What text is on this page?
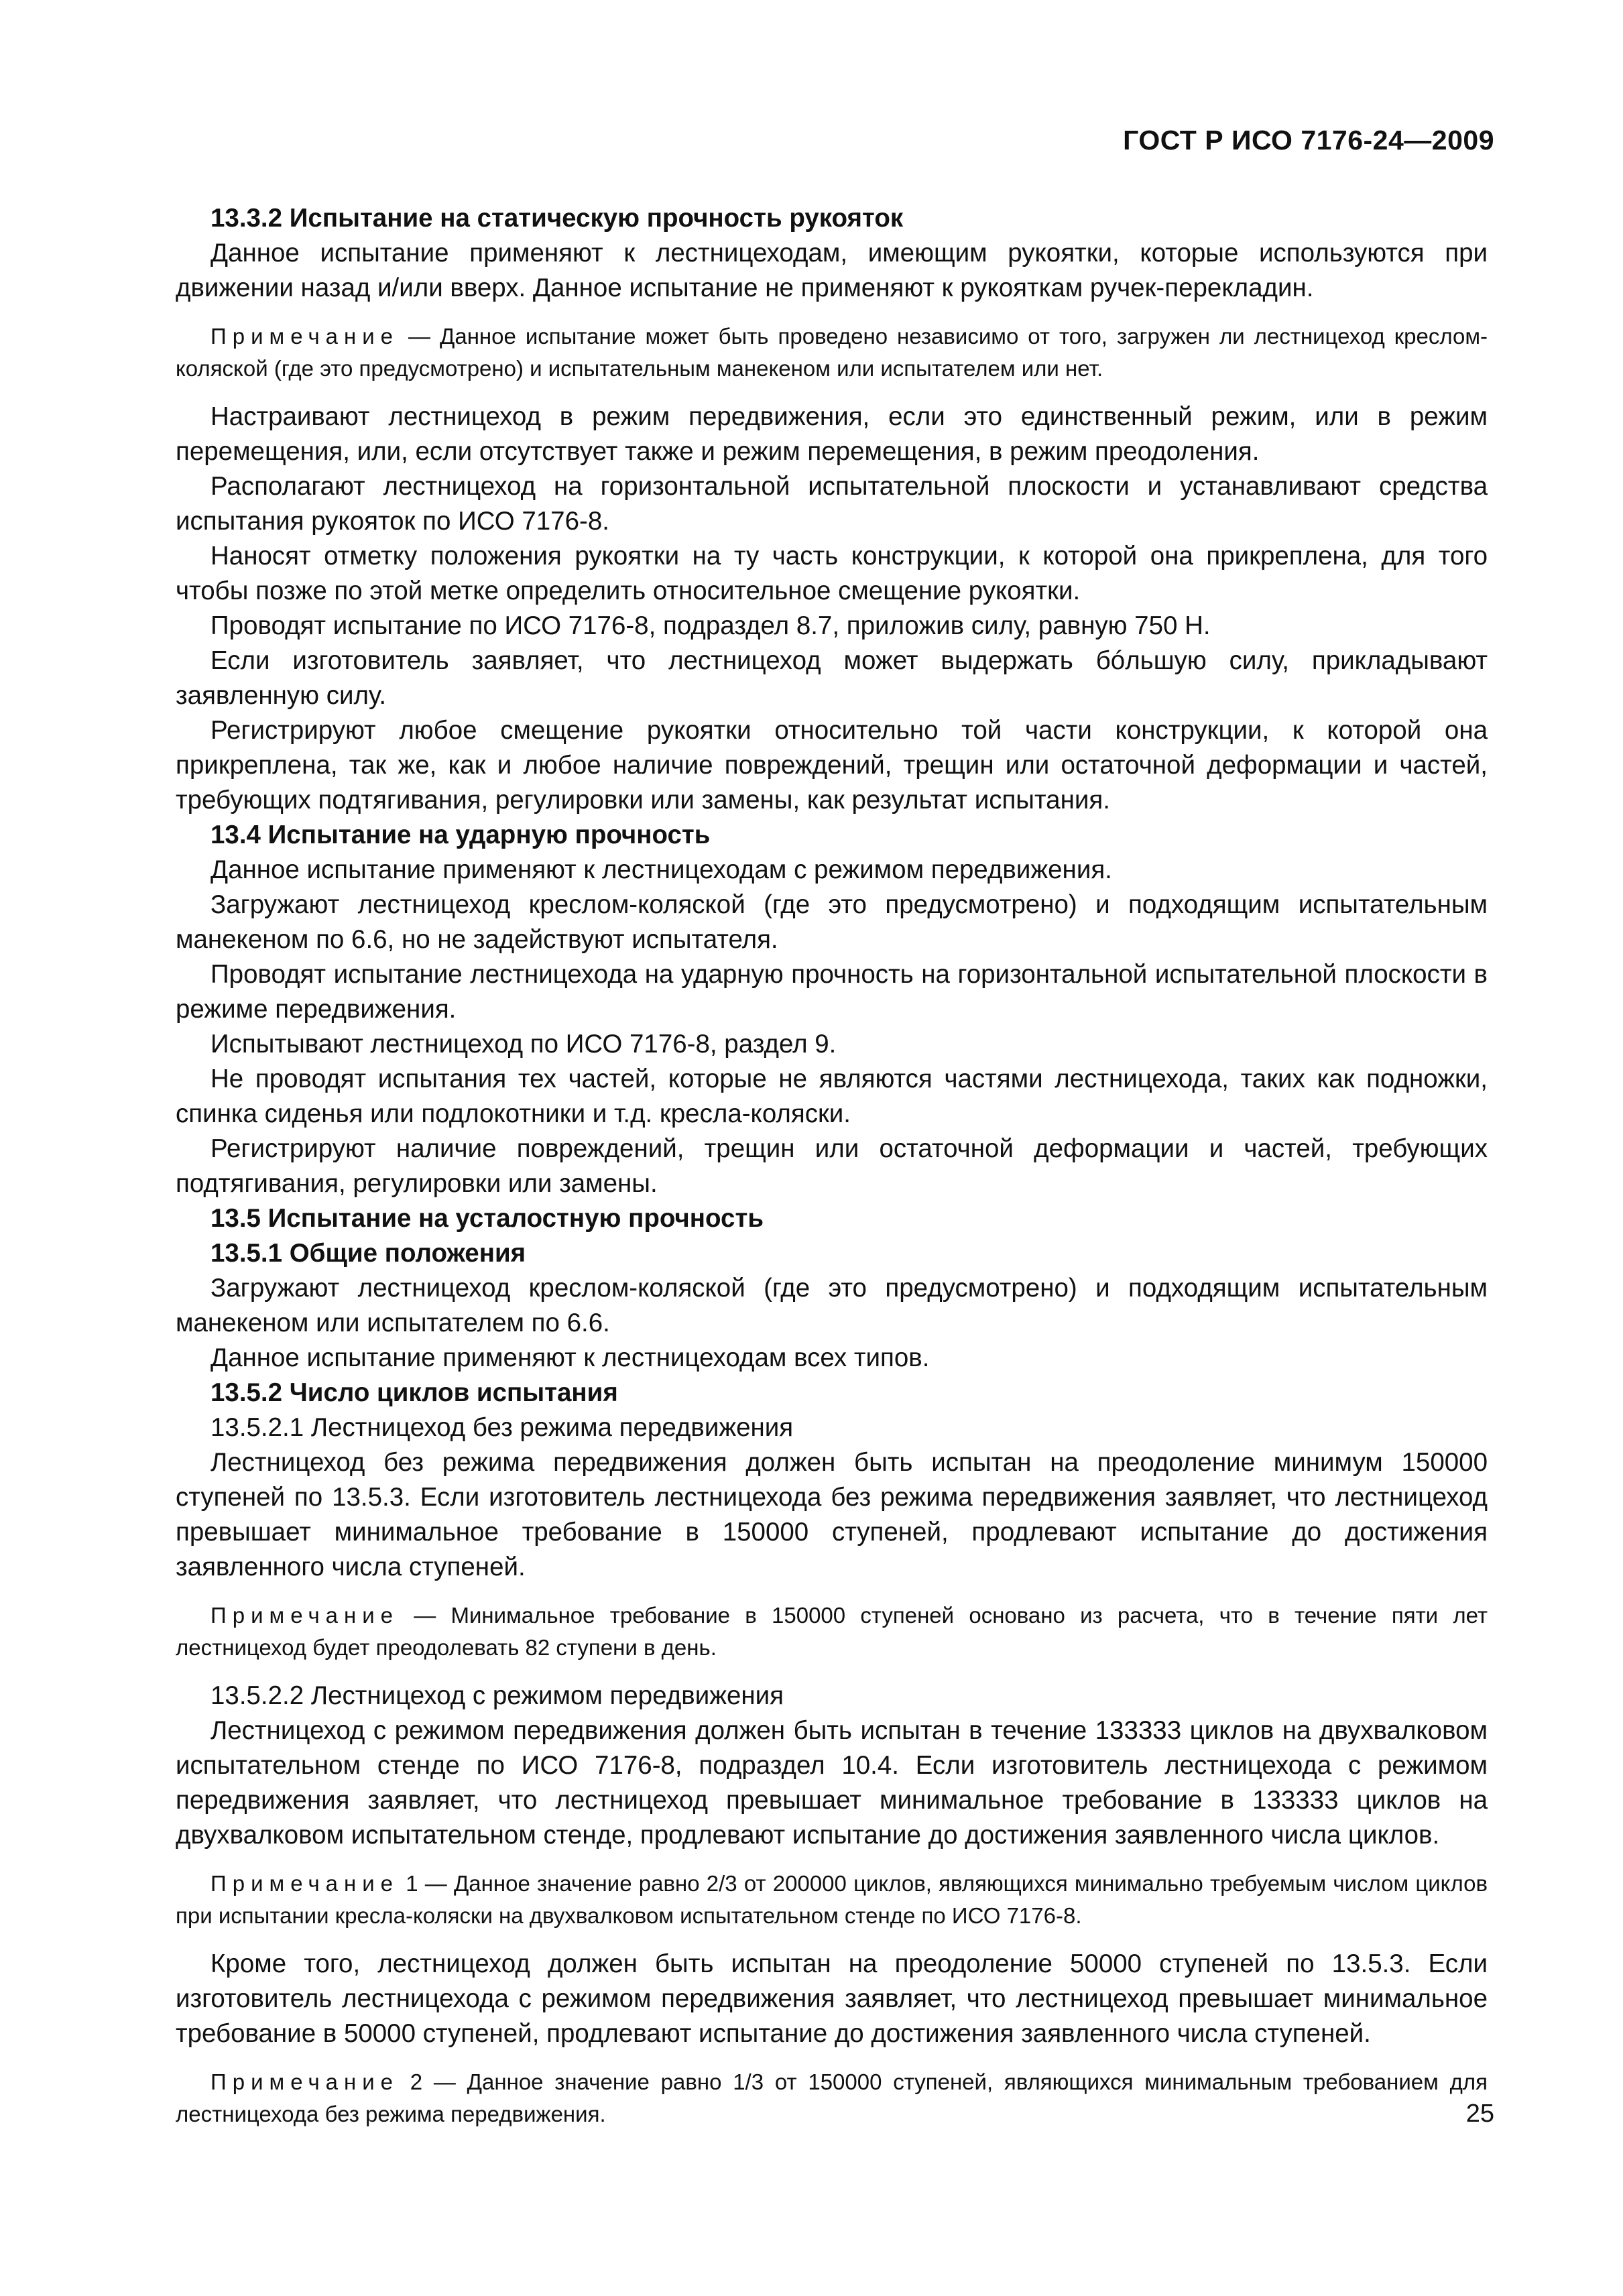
ГОСТ Р ИСО 7176-24—2009

13.3.2 Испытание на статическую прочность рукояток

Данное испытание применяют к лестницеходам, имеющим рукоятки, которые используются при движении назад и/или вверх. Данное испытание не применяют к рукояткам ручек-перекладин.

Примечание — Данное испытание может быть проведено независимо от того, загружен ли лестницеход креслом-коляской (где это предусмотрено) и испытательным манекеном или испытателем или нет.

Настраивают лестницеход в режим передвижения, если это единственный режим, или в режим перемещения, или, если отсутствует также и режим перемещения, в режим преодоления.

Располагают лестницеход на горизонтальной испытательной плоскости и устанавливают средства испытания рукояток по ИСО 7176-8.

Наносят отметку положения рукоятки на ту часть конструкции, к которой она прикреплена, для того чтобы позже по этой метке определить относительное смещение рукоятки.

Проводят испытание по ИСО 7176-8, подраздел 8.7, приложив силу, равную 750 Н.

Если изготовитель заявляет, что лестницеход может выдержать бóльшую силу, прикладывают заявленную силу.

Регистрируют любое смещение рукоятки относительно той части конструкции, к которой она прикреплена, так же, как и любое наличие повреждений, трещин или остаточной деформации и частей, требующих подтягивания, регулировки или замены, как результат испытания.

13.4 Испытание на ударную прочность

Данное испытание применяют к лестницеходам с режимом передвижения.

Загружают лестницеход креслом-коляской (где это предусмотрено) и подходящим испытательным манекеном по 6.6, но не задействуют испытателя.

Проводят испытание лестницехода на ударную прочность на горизонтальной испытательной плоскости в режиме передвижения.

Испытывают лестницеход по ИСО 7176-8, раздел 9.

Не проводят испытания тех частей, которые не являются частями лестницехода, таких как подножки, спинка сиденья или подлокотники и т.д. кресла-коляски.

Регистрируют наличие повреждений, трещин или остаточной деформации и частей, требующих подтягивания, регулировки или замены.

13.5 Испытание на усталостную прочность

13.5.1 Общие положения

Загружают лестницеход креслом-коляской (где это предусмотрено) и подходящим испытательным манекеном или испытателем по 6.6.

Данное испытание применяют к лестницеходам всех типов.

13.5.2 Число циклов испытания

13.5.2.1 Лестницеход без режима передвижения

Лестницеход без режима передвижения должен быть испытан на преодоление минимум 150000 ступеней по 13.5.3. Если изготовитель лестницехода без режима передвижения заявляет, что лестницеход превышает минимальное требование в 150000 ступеней, продлевают испытание до достижения заявленного числа ступеней.

Примечание — Минимальное требование в 150000 ступеней основано из расчета, что в течение пяти лет лестницеход будет преодолевать 82 ступени в день.

13.5.2.2 Лестницеход с режимом передвижения

Лестницеход с режимом передвижения должен быть испытан в течение 133333 циклов на двухвалковом испытательном стенде по ИСО 7176-8, подраздел 10.4. Если изготовитель лестницехода с режимом передвижения заявляет, что лестницеход превышает минимальное требование в 133333 циклов на двухвалковом испытательном стенде, продлевают испытание до достижения заявленного числа циклов.

Примечание 1 — Данное значение равно 2/3 от 200000 циклов, являющихся минимально требуемым числом циклов при испытании кресла-коляски на двухвалковом испытательном стенде по ИСО 7176-8.

Кроме того, лестницеход должен быть испытан на преодоление 50000 ступеней по 13.5.3. Если изготовитель лестницехода с режимом передвижения заявляет, что лестницеход превышает минимальное требование в 50000 ступеней, продлевают испытание до достижения заявленного числа ступеней.

Примечание 2 — Данное значение равно 1/3 от 150000 ступеней, являющихся минимальным требованием для лестницехода без режима передвижения.	25
